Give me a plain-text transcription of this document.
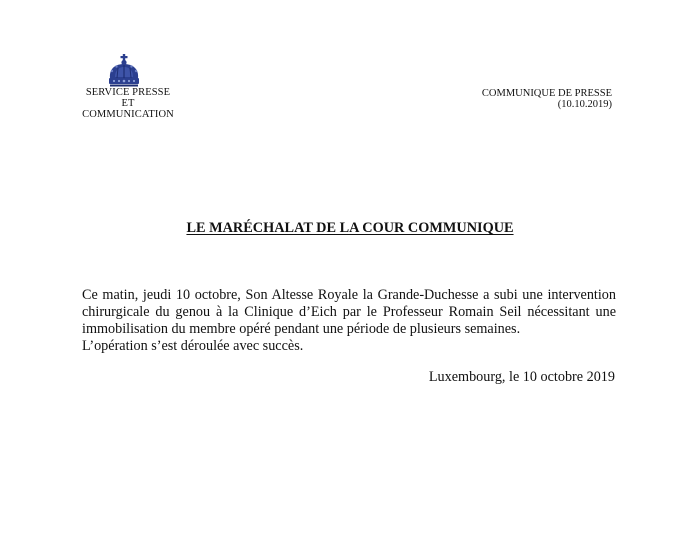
SERVICE PRESSE
ET COMMUNICATION
COMMUNIQUE DE PRESSE
(10.10.2019)
LE MARÉCHALAT DE LA COUR COMMUNIQUE

Ce matin, jeudi 10 octobre, Son Altesse Royale la Grande-Duchesse a subi une intervention chirurgicale du genou à la Clinique d’Eich par le Professeur Romain Seil nécessitant une immobilisation du membre opéré pendant une période de plusieurs semaines.

L’opération s’est déroulée avec succès.

Luxembourg, le 10 octobre 2019
